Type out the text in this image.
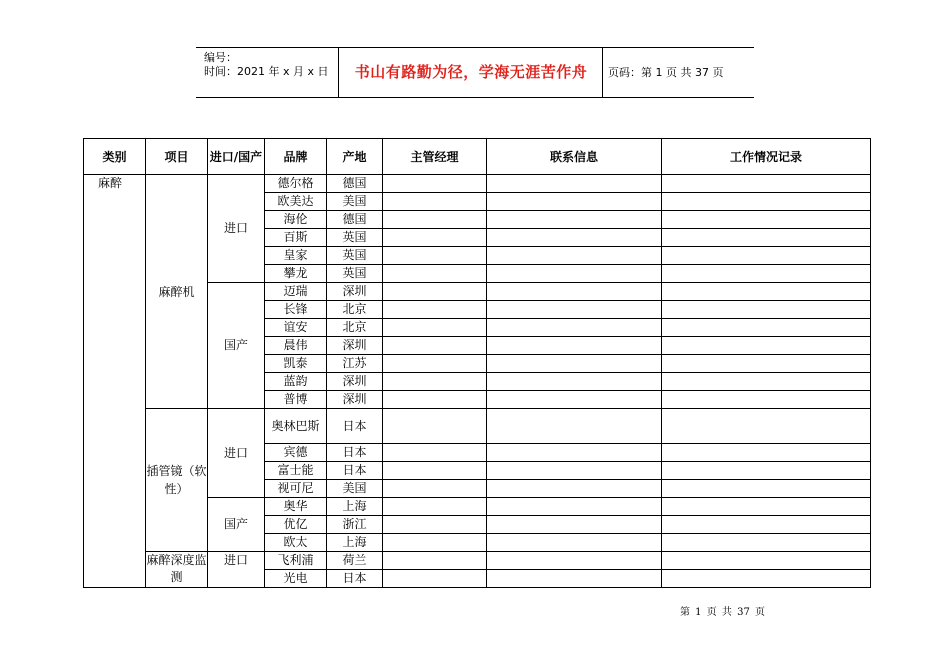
编号：
时间：2021 年 x 月 x 日	书山有路勤为径，学海无涯苦作舟	页码：第 1 页 共 37 页
类别	项目	进口/国产	品牌	产地	主管经理	联系信息	工作情况记录
麻醉	麻醉机	进口	德尔格	德国			
			欧美达	美国			
			海伦	德国			
			百斯	英国			
			皇家	英国			
			攀龙	英国			
		国产	迈瑞	深圳			
			长锋	北京			
			谊安	北京			
			晨伟	深圳			
			凯泰	江苏			
			蓝韵	深圳			
			普博	深圳			
	插管镜（软性）	进口	奥林巴斯	日本			
			宾德	日本			
			富士能	日本			
			视可尼	美国			
		国产	奥华	上海			
			优亿	浙江			
			欧太	上海			
	麻醉深度监测	进口	飞利浦	荷兰			
			光电	日本			
第 1 页 共 37 页
